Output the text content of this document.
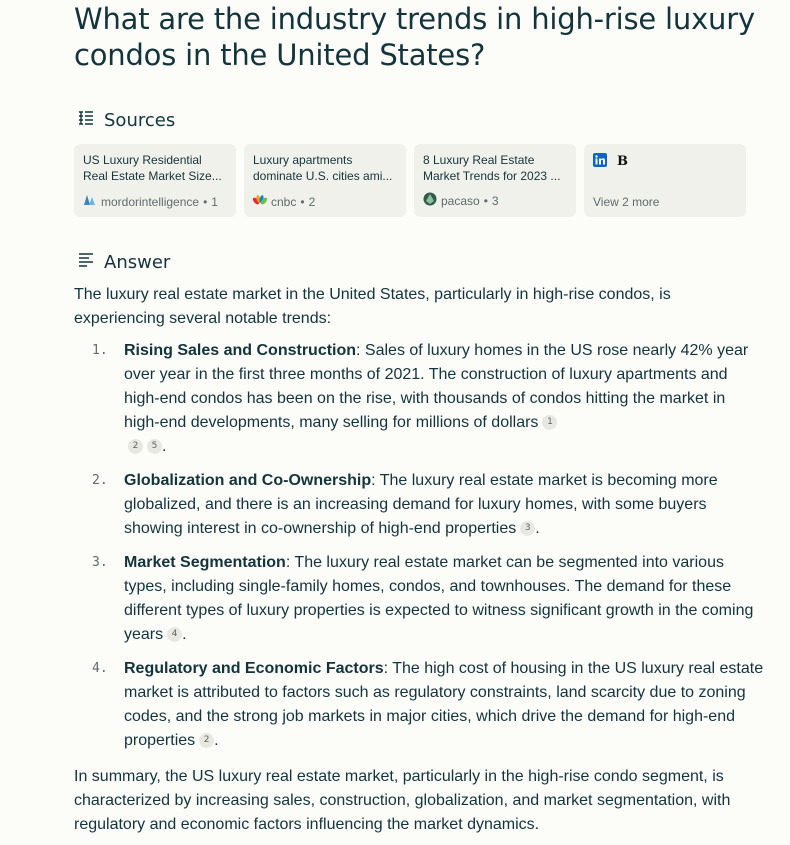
What are the industry trends in high-rise luxury condos in the United States?
Sources
US Luxury Residential Real Estate Market Size...
mordorintelligence • 1
Luxury apartments dominate U.S. cities ami...
cnbc • 2
8 Luxury Real Estate Market Trends for 2023 ...
pacaso • 3
B
View 2 more
Answer

The luxury real estate market in the United States, particularly in high-rise condos, is experiencing several notable trends:

1.	Rising Sales and Construction: Sales of luxury homes in the US rose nearly 42% year over year in the first three months of 2021. The construction of luxury apartments and high-end condos has been on the rise, with thousands of condos hitting the market in high-end developments, many selling for millions of dollars 1
2 5 .
2.	Globalization and Co-Ownership: The luxury real estate market is becoming more globalized, and there is an increasing demand for luxury homes, with some buyers showing interest in co-ownership of high-end properties 3 .
3.	Market Segmentation: The luxury real estate market can be segmented into various types, including single-family homes, condos, and townhouses. The demand for these different types of luxury properties is expected to witness significant growth in the coming years 4 .
4.	Regulatory and Economic Factors: The high cost of housing in the US luxury real estate market is attributed to factors such as regulatory constraints, land scarcity due to zoning codes, and the strong job markets in major cities, which drive the demand for high-end properties 2 .

In summary, the US luxury real estate market, particularly in the high-rise condo segment, is characterized by increasing sales, construction, globalization, and market segmentation, with regulatory and economic factors influencing the market dynamics.
